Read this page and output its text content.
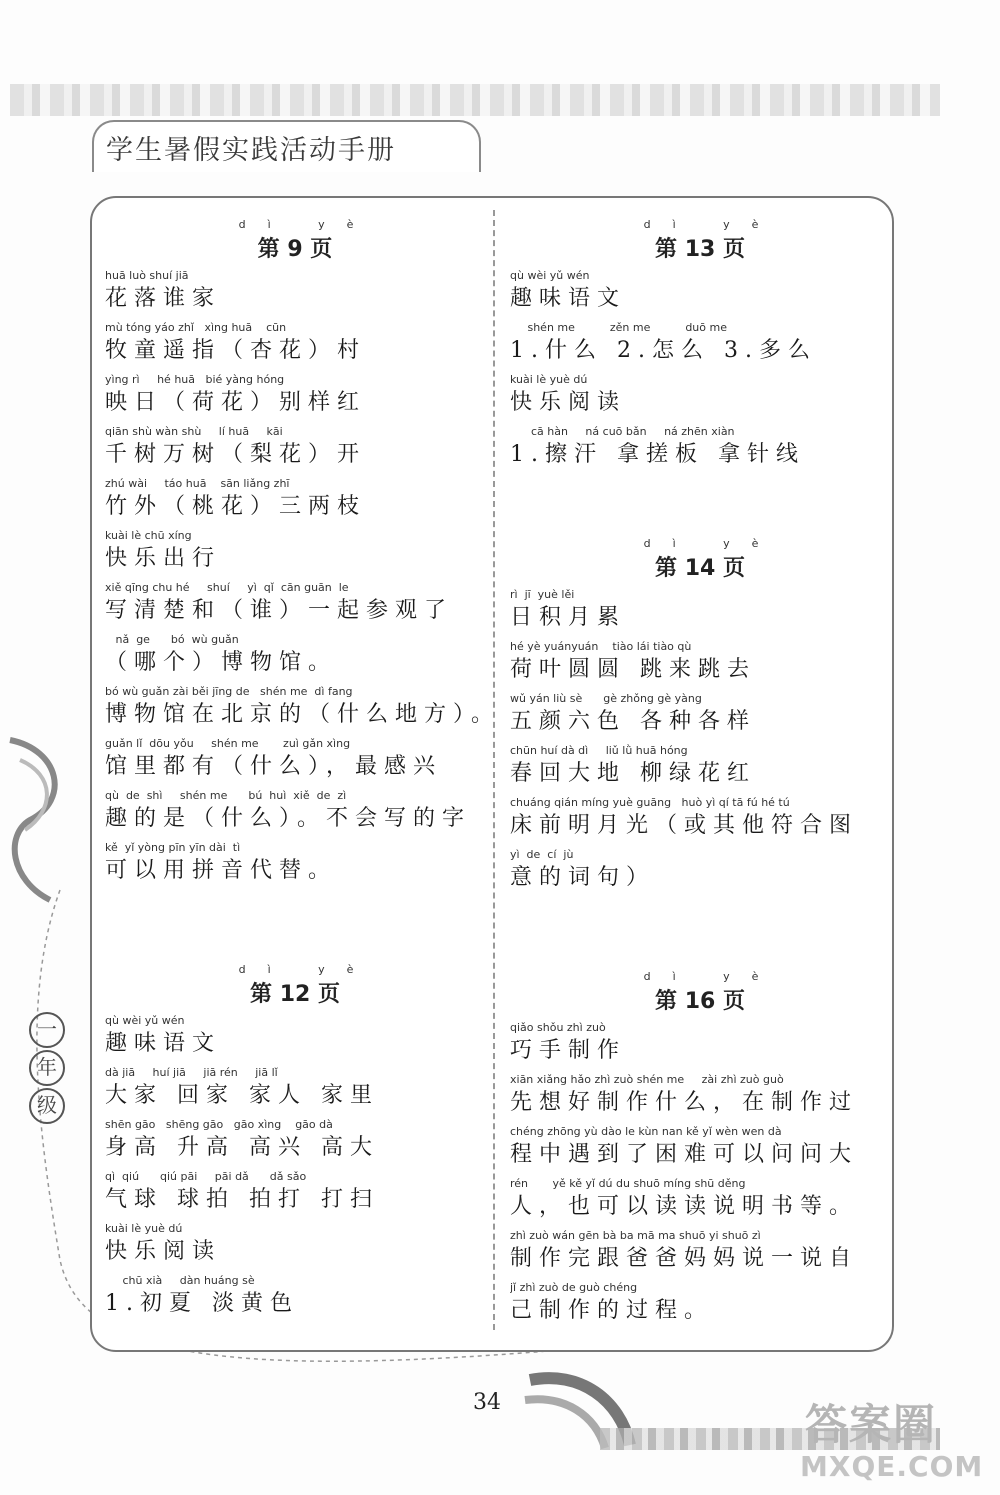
学生暑假实践活动手册
一
年
级
dì yè
第 9 页
huā luò shuí jiā
花落谁家
mù tóng yáo zhǐ   xìng huā    cūn
牧童遥指（杏花）村
yìng rì     hé huā   bié yàng hóng
映日（荷花）别样红
qiān shù wàn shù     lí huā     kāi
千树万树（梨花）开
zhú wài     táo huā    sān liǎng zhī
竹外（桃花）三两枝
kuài lè chū xíng
快乐出行
xiě qīng chu hé     shuí     yì  qǐ  cān guān  le
写清楚和（谁）一起参观了
nǎ  ge      bó  wù guǎn
（哪个）博物馆。
bó wù guǎn zài běi jīng de   shén me  dì fang
博物馆在北京的（什么地方）。
guǎn lǐ  dōu yǒu     shén me       zuì gǎn xìng
馆里都有（什么），最感兴
qù  de  shì     shén me      bú  huì  xiě  de  zì
趣的是（什么）。不会写的字
kě  yǐ yòng pīn yīn dài  tì
可以用拼音代替。
dì yè
第 12 页
qù wèi yǔ wén
趣味语文
dà jiā     huí jiā     jiā rén     jiā lǐ
大家 回家 家人 家里
shēn gāo   shēng gāo   gāo xìng    gāo dà
身高 升高 高兴 高大
qì  qiú      qiú pāi     pāi dǎ      dǎ sǎo
气球 球拍 拍打 打扫
kuài lè yuè dú
快乐阅读
chū xià     dàn huáng sè
1.初夏 淡黄色
dì yè
第 13 页
qù wèi yǔ wén
趣味语文
shén me          zěn me          duō me
1.什么 2.怎么 3.多么
kuài lè yuè dú
快乐阅读
cā hàn     ná cuō bǎn     ná zhēn xiàn
1.擦汗 拿搓板 拿针线
dì yè
第 14 页
rì  jī  yuè lěi
日积月累
hé yè yuányuán    tiào lái tiào qù
荷叶圆圆 跳来跳去
wǔ yán liù sè      gè zhǒng gè yàng
五颜六色 各种各样
chūn huí dà dì     liǔ lǜ huā hóng
春回大地 柳绿花红
chuáng qián míng yuè guāng   huò yì qí tā fú hé tú
床前明月光（或其他符合图
yì  de  cí  jù
意的词句）
dì yè
第 16 页
qiǎo shǒu zhì zuò
巧手制作
xiān xiǎng hǎo zhì zuò shén me     zài zhì zuò guò
先想好制作什么，在制作过
chéng zhōng yù dào le kùn nan kě yǐ wèn wen dà
程中遇到了困难可以问问大
rén       yě kě yǐ dú du shuō míng shū děng
人，也可以读读说明书等。
zhì zuò wán gēn bà ba mā ma shuō yi shuō zì
制作完跟爸爸妈妈说一说自
jǐ zhì zuò de guò chéng
己制作的过程。
34	答案圈
MXQE.COM
